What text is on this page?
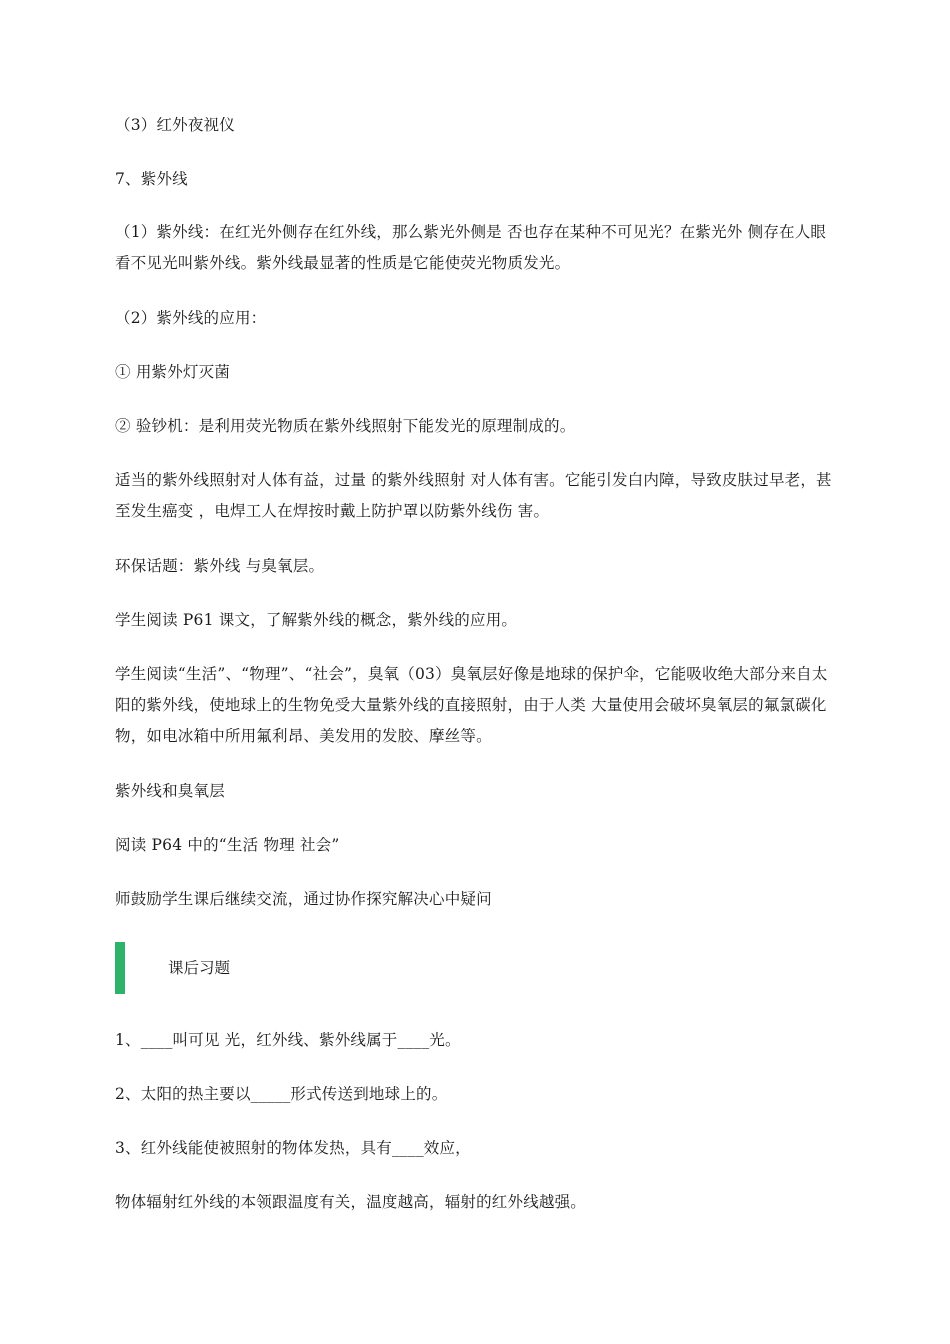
（3）红外夜视仪
7、紫外线
（1）紫外线：在红光外侧存在红外线，那么紫光外侧是 否也存在某种不可见光？在紫光外 侧存在人眼看不见光叫紫外线。紫外线最显著的性质是它能使荧光物质发光。
（2）紫外线的应用：
① 用紫外灯灭菌
② 验钞机：是利用荧光物质在紫外线照射下能发光的原理制成的。
适当的紫外线照射对人体有益，过量 的紫外线照射 对人体有害。它能引发白内障，导致皮肤过早老，甚至发生癌变 ，电焊工人在焊按时戴上防护罩以防紫外线伤 害。
环保话题：紫外线 与臭氧层。
学生阅读 P61 课文，了解紫外线的概念，紫外线的应用。
学生阅读“生活”、“物理”、“社会”，臭氧（03）臭氧层好像是地球的保护伞，它能吸收绝大部分来自太阳的紫外线，使地球上的生物免受大量紫外线的直接照射，由于人类 大量使用会破坏臭氧层的氟氯碳化物，如电冰箱中所用氟利昂、美发用的发胶、摩丝等。
紫外线和臭氧层
阅读 P64 中的“生活 物理 社会”
师鼓励学生课后继续交流，通过协作探究解决心中疑问
课后习题
1、____叫可见 光，红外线、紫外线属于____光。
2、太阳的热主要以_____形式传送到地球上的。
3、红外线能使被照射的物体发热，具有____效应，
物体辐射红外线的本领跟温度有关，温度越高，辐射的红外线越强。
